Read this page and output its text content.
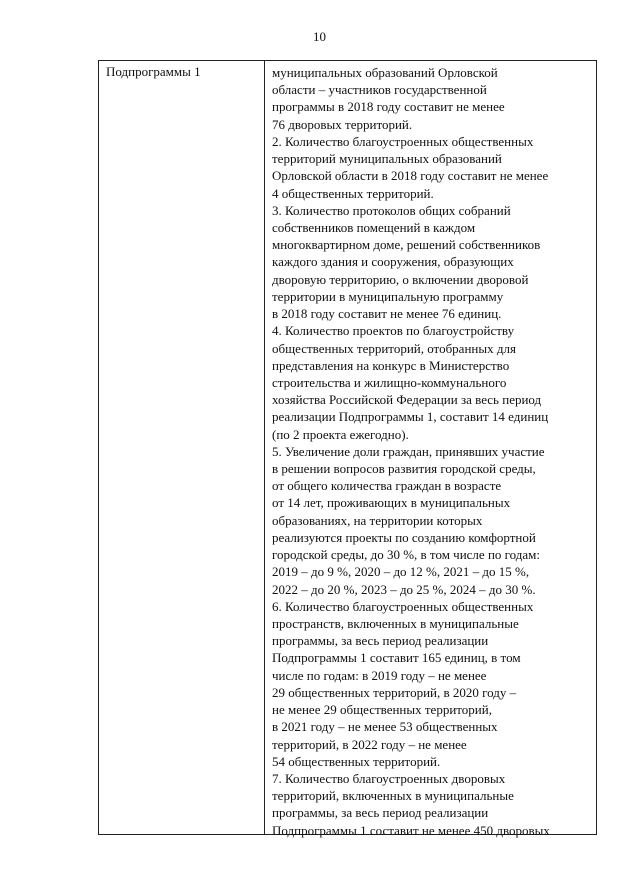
10
Подпрограммы 1	муниципальных образований Орловской
области – участников государственной
программы в 2018 году составит не менее
76 дворовых территорий.
2. Количество благоустроенных общественных
территорий муниципальных образований
Орловской области в 2018 году составит не менее
4 общественных территорий.
3. Количество протоколов общих собраний
собственников помещений в каждом
многоквартирном доме, решений собственников
каждого здания и сооружения, образующих
дворовую территорию, о включении дворовой
территории в муниципальную программу
в 2018 году составит не менее 76 единиц.
4. Количество проектов по благоустройству
общественных территорий, отобранных для
представления на конкурс в Министерство
строительства и жилищно-коммунального
хозяйства Российской Федерации за весь период
реализации Подпрограммы 1, составит 14 единиц
(по 2 проекта ежегодно).
5. Увеличение доли граждан, принявших участие
в решении вопросов развития городской среды,
от общего количества граждан в возрасте
от 14 лет, проживающих в муниципальных
образованиях, на территории которых
реализуются проекты по созданию комфортной
городской среды, до 30 %, в том числе по годам:
2019 – до 9 %, 2020 – до 12 %, 2021 – до 15 %,
2022 – до 20 %, 2023 – до 25 %, 2024 – до 30 %.
6. Количество благоустроенных общественных
пространств, включенных в муниципальные
программы, за весь период реализации
Подпрограммы 1 составит 165 единиц, в том
числе по годам: в 2019 году – не менее
29 общественных территорий, в 2020 году –
не менее 29 общественных территорий,
в 2021 году – не менее 53 общественных
территорий, в 2022 году – не менее
54 общественных территорий.
7. Количество благоустроенных дворовых
территорий, включенных в муниципальные
программы, за весь период реализации
Подпрограммы 1 составит не менее 450 дворовых
